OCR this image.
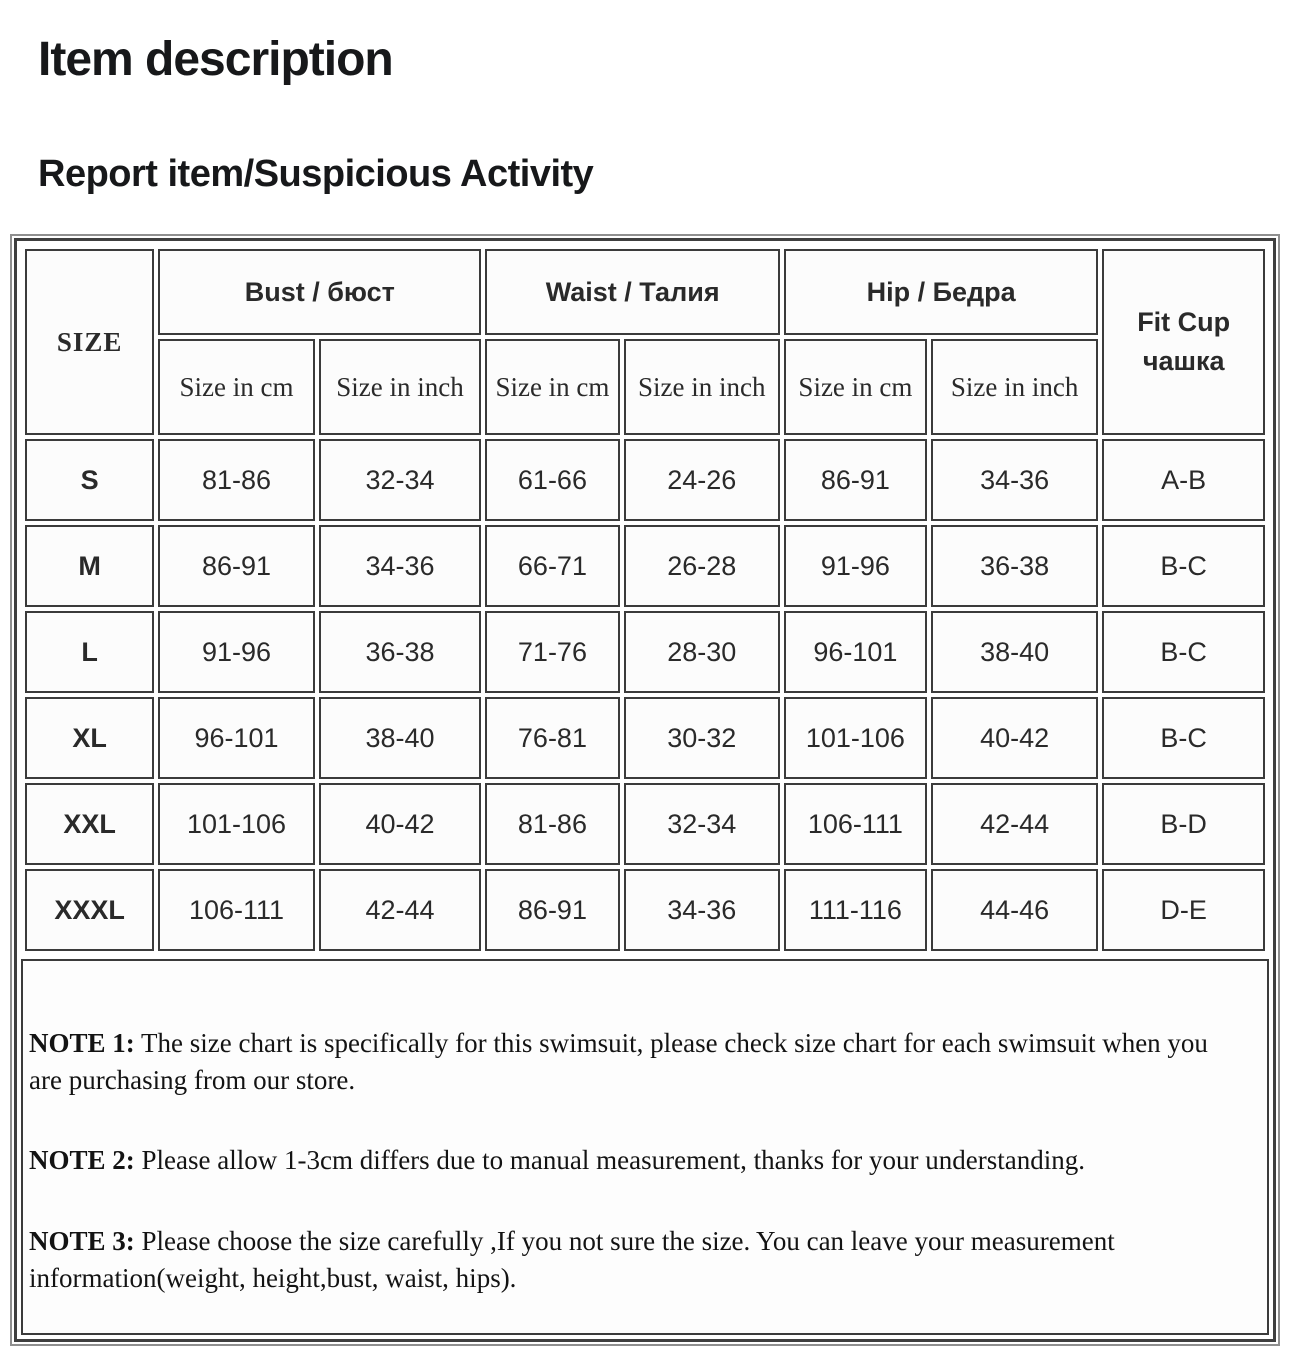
Item description
Report item/Suspicious Activity
SIZE	Bust / бюст		Waist / Талия		Hip / Бедра		Fit Cup
чашка

	Size in cm	Size in inch	Size in cm	Size in inch	Size in cm	Size in inch	
S	81-86	32-34	61-66	24-26	86-91	34-36	A-B
M	86-91	34-36	66-71	26-28	91-96	36-38	B-C
L	91-96	36-38	71-76	28-30	96-101	38-40	B-C
XL	96-101	38-40	76-81	30-32	101-106	40-42	B-C
XXL	101-106	40-42	81-86	32-34	106-111	42-44	B-D
XXXL	106-111	42-44	86-91	34-36	111-116	44-46	D-E

NOTE 1: The size chart is specifically for this swimsuit, please check size chart for each swimsuit when you are purchasing from our store.

NOTE 2: Please allow 1-3cm differs due to manual measurement, thanks for your understanding.

NOTE 3: Please choose the size carefully ,If you not sure the size. You can leave your measurement information(weight, height,bust, waist, hips).
